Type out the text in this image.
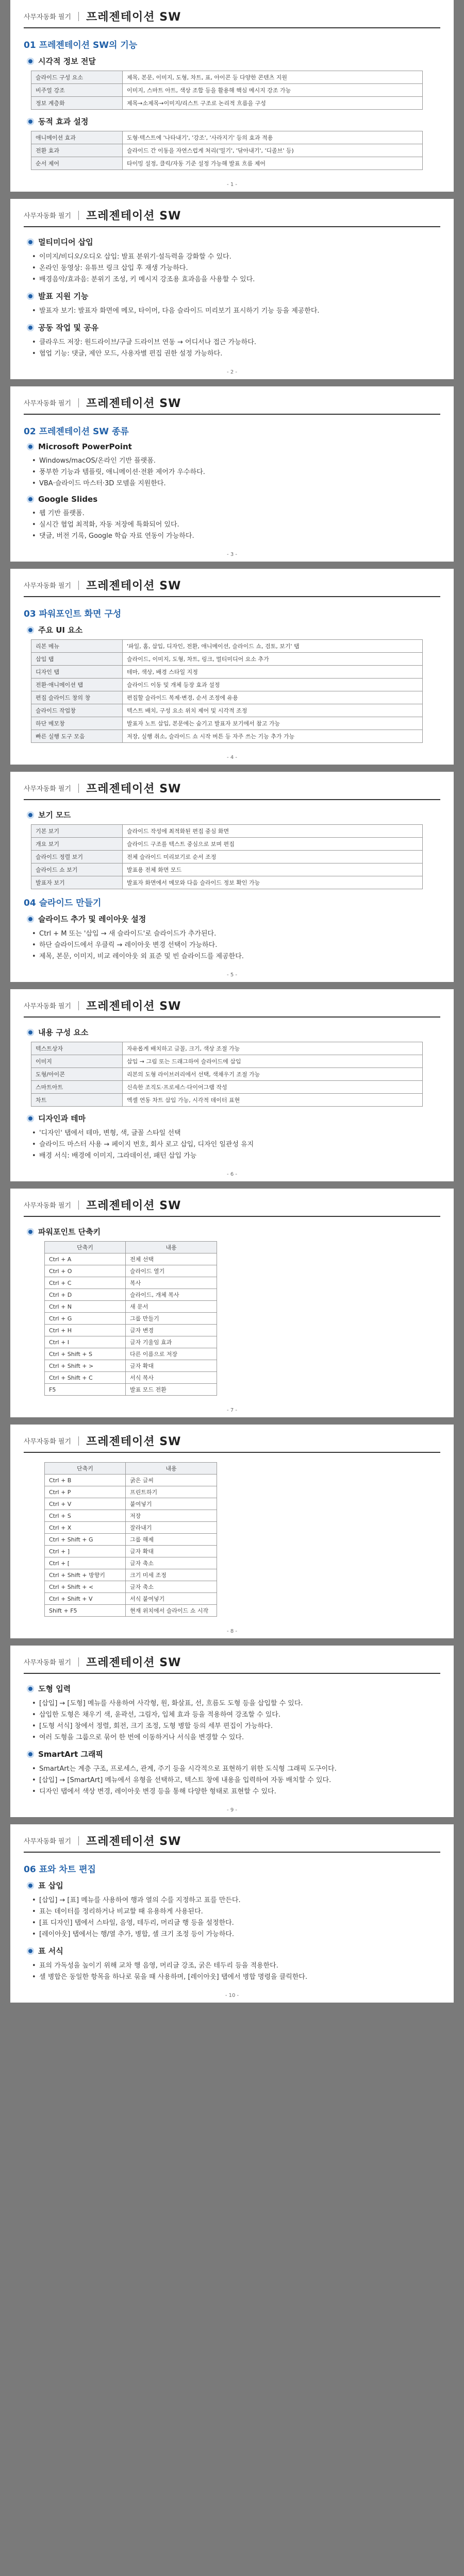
사무자동화 필기 프레젠테이션 SW
01 프레젠테이션 SW의 기능
시각적 정보 전달
슬라이드 구성 요소	제목, 본문, 이미지, 도형, 차트, 표, 아이콘 등 다양한 콘텐츠 지원
비주얼 강조	이미지, 스마트 아트, 색상 조합 등을 활용해 핵심 메시지 강조 가능
정보 계층화	제목→소제목→이미지/리스트 구조로 논리적 흐름을 구성
동적 효과 설정
애니메이션 효과	도형·텍스트에 '나타내기', '강조', '사라지기' 등의 효과 적용
전환 효과	슬라이드 간 이동을 자연스럽게 처리('밀기', '닦아내기', '디졸브' 등)
순서 제어	타이밍 설정, 클릭/자동 기준 설정 가능해 발표 흐름 제어
- 1 -
사무자동화 필기 프레젠테이션 SW
멀티미디어 삽입
• 이미지/비디오/오디오 삽입: 발표 분위기·설득력을 강화할 수 있다.
• 온라인 동영상: 유튜브 링크 삽입 후 재생 가능하다.
• 배경음악/효과음: 분위기 조성, 키 메시지 강조용 효과음을 사용할 수 있다.
발표 지원 기능
• 발표자 보기: 발표자 화면에 메모, 타이머, 다음 슬라이드 미리보기 표시하기 기능 등을 제공한다.
공동 작업 및 공유
• 클라우드 저장: 원드라이브/구글 드라이브 연동 → 어디서나 접근 가능하다.
• 협업 기능: 댓글, 제안 모드, 사용자별 편집 권한 설정 가능하다.
- 2 -
사무자동화 필기 프레젠테이션 SW
02 프레젠테이션 SW 종류
Microsoft PowerPoint
• Windows/macOS/온라인 기반 플랫폼.
• 풍부한 기능과 템플릿, 애니메이션·전환 제어가 우수하다.
• VBA·슬라이드 마스터·3D 모델을 지원한다.
Google Slides
• 웹 기반 플랫폼.
• 실시간 협업 최적화, 자동 저장에 특화되어 있다.
• 댓글, 버전 기록, Google 학습 자료 연동이 가능하다.
- 3 -
사무자동화 필기 프레젠테이션 SW
03 파워포인트 화면 구성
주요 UI 요소
리본 메뉴	'파일, 홈, 삽입, 디자인, 전환, 애니메이션, 슬라이드 쇼, 검토, 보기' 탭
삽입 탭	슬라이드, 이미지, 도형, 차트, 링크, 멀티미디어 요소 추가
디자인 탭	테마, 색상, 배경 스타일 지정
전환·애니메이션 탭	슬라이드 이동 및 개체 등장 효과 설정
편집 슬라이드 창의 창	편집할 슬라이드 복제·변경, 순서 조정에 유용
슬라이드 작업창	텍스트 배치, 구성 요소 위치 제어 및 시각적 조정
하단 메모창	발표자 노트 삽입, 본문에는 숨기고 발표자 보기에서 참고 가능
빠른 실행 도구 모음	저장, 실행 취소, 슬라이드 쇼 시작 버튼 등 자주 쓰는 기능 추가 가능
- 4 -
사무자동화 필기 프레젠테이션 SW
보기 모드
기본 보기	슬라이드 작성에 최적화된 편집 중심 화면
개요 보기	슬라이드 구조를 텍스트 중심으로 보며 편집
슬라이드 정렬 보기	전체 슬라이드 미리보기로 순서 조정
슬라이드 쇼 보기	발표용 전체 화면 모드
발표자 보기	발표자 화면에서 메모와 다음 슬라이드 정보 확인 가능
04 슬라이드 만들기
슬라이드 추가 및 레이아웃 설정
• Ctrl + M 또는 '삽입 → 새 슬라이드'로 슬라이드가 추가된다.
• 하단 슬라이드에서 우클릭 → 레이아웃 변경 선택이 가능하다.
• 제목, 본문, 이미지, 비교 레이아웃 외 표준 및 빈 슬라이드를 제공한다.
- 5 -
사무자동화 필기 프레젠테이션 SW
내용 구성 요소
텍스트상자	자유롭게 배치하고 글꼴, 크기, 색상 조절 가능
이미지	삽입 → 그림 또는 드래그하여 슬라이드에 삽입
도형/아이콘	리본의 도형 라이브러리에서 선택, 색채우기 조절 가능
스마트아트	신속한 조직도·프로세스·다이어그램 작성
차트	엑셀 연동 차트 삽입 가능, 시각적 데이터 표현
디자인과 테마
• '디자인' 탭에서 테마, 변형, 색, 글꼴 스타일 선택
• 슬라이드 마스터 사용 → 페이지 번호, 회사 로고 삽입, 디자인 일관성 유지
• 배경 서식: 배경에 이미지, 그라데이션, 패턴 삽입 가능
- 6 -
사무자동화 필기 프레젠테이션 SW
파워포인트 단축키
단축키	내용
Ctrl + A	전체 선택
Ctrl + O	슬라이드 열기
Ctrl + C	복사
Ctrl + D	슬라이드, 개체 복사
Ctrl + N	새 문서
Ctrl + G	그룹 만들기
Ctrl + H	글자 변경
Ctrl + I	글자 기울임 효과
Ctrl + Shift + S	다른 이름으로 저장
Ctrl + Shift + >	글자 확대
Ctrl + Shift + C	서식 복사
F5	발표 모드 전환
- 7 -
사무자동화 필기 프레젠테이션 SW
단축키	내용
Ctrl + B	굵은 글씨
Ctrl + P	프린트하기
Ctrl + V	붙여넣기
Ctrl + S	저장
Ctrl + X	잘라내기
Ctrl + Shift + G	그룹 해제
Ctrl + ]	글자 확대
Ctrl + [	글자 축소
Ctrl + Shift + 방향키	크기 미세 조정
Ctrl + Shift + <	글자 축소
Ctrl + Shift + V	서식 붙여넣기
Shift + F5	현재 위치에서 슬라이드 쇼 시작
- 8 -
사무자동화 필기 프레젠테이션 SW
도형 입력
• [삽입] → [도형] 메뉴를 사용하여 사각형, 원, 화살표, 선, 흐름도 도형 등을 삽입할 수 있다.
• 삽입한 도형은 채우기 색, 윤곽선, 그림자, 입체 효과 등을 적용하여 강조할 수 있다.
• [도형 서식] 창에서 정렬, 회전, 크기 조정, 도형 병합 등의 세부 편집이 가능하다.
• 여러 도형을 그룹으로 묶어 한 번에 이동하거나 서식을 변경할 수 있다.
SmartArt 그래픽
• SmartArt는 계층 구조, 프로세스, 관계, 주기 등을 시각적으로 표현하기 위한 도식형 그래픽 도구이다.
• [삽입] → [SmartArt] 메뉴에서 유형을 선택하고, 텍스트 창에 내용을 입력하여 자동 배치할 수 있다.
• 디자인 탭에서 색상 변경, 레이아웃 변경 등을 통해 다양한 형태로 표현할 수 있다.
- 9 -
사무자동화 필기 프레젠테이션 SW
06 표와 차트 편집
표 삽입
• [삽입] → [표] 메뉴를 사용하여 행과 열의 수를 지정하고 표를 만든다.
• 표는 데이터를 정리하거나 비교할 때 유용하게 사용된다.
• [표 디자인] 탭에서 스타일, 음영, 테두리, 머리글 행 등을 설정한다.
• [레이아웃] 탭에서는 행/열 추가, 병합, 셀 크기 조정 등이 가능하다.
표 서식
• 표의 가독성을 높이기 위해 교차 행 음영, 머리글 강조, 굵은 테두리 등을 적용한다.
• 셀 병합은 동일한 항목을 하나로 묶을 때 사용하며, [레이아웃] 탭에서 병합 명령을 클릭한다.
- 10 -
